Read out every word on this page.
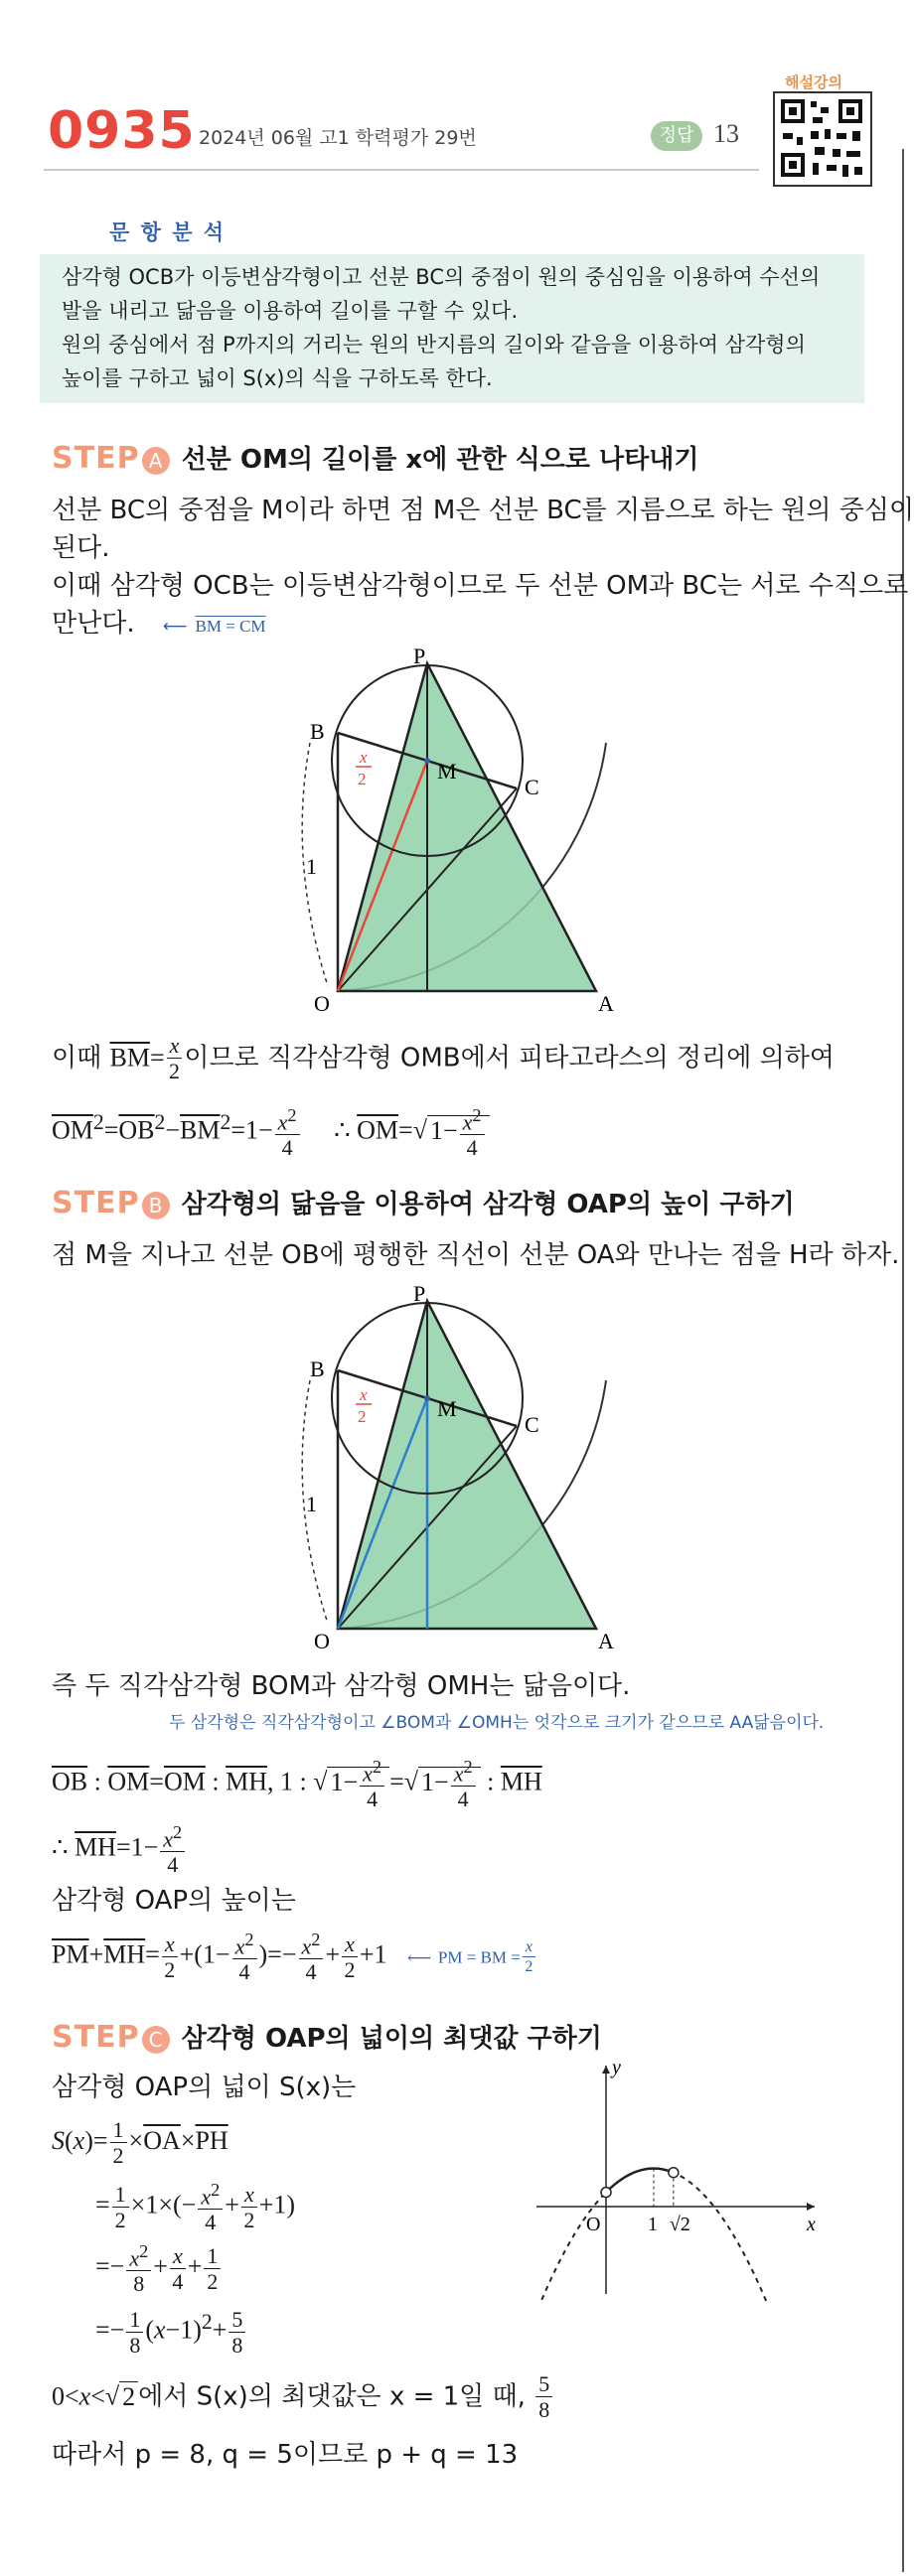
0935 2024년 06월 고1 학력평가 29번	정답 13
해설강의
문 항 분 석
삼각형 OCB가 이등변삼각형이고 선분 BC의 중점이 원의 중심임을 이용하여 수선의
발을 내리고 닮음을 이용하여 길이를 구할 수 있다.
원의 중심에서 점 P까지의 거리는 원의 반지름의 길이와 같음을 이용하여 삼각형의
높이를 구하고 넓이 S(x)의 식을 구하도록 한다.
STEP A 선분 OM의 길이를 x에 관한 식으로 나타내기
선분 BC의 중점을 M이라 하면 점 M은 선분 BC를 지름으로 하는 원의 중심이
된다.
이때 삼각형 OCB는 이등변삼각형이므로 두 선분 OM과 BC는 서로 수직으로
만난다. ⟵ BM = CM
P
B
M
C
O	A
1
x
2
이때 $\overline{BM}= \frac{x}{2}$ 이므로 직각삼각형 OMB에서 피타고라스의 정리에 의하여
$\overline{OM}^2=\overline{OB}^2-\overline{BM}^2=1- \frac{x^2}{4}$ ∴ $\overline{OM}=√$ $1- \frac{x^2}{4}$
STEP B 삼각형의 닮음을 이용하여 삼각형 OAP의 높이 구하기
점 M을 지나고 선분 OB에 평행한 직선이 선분 OA와 만나는 점을 H라 하자.
P
B
M
C
O	A
1
x
2
즉 두 직각삼각형 BOM과 삼각형 OMH는 닮음이다.
두 삼각형은 직각삼각형이고 ∠BOM과 ∠OMH는 엇각으로 크기가 같으므로 AA닮음이다.
$\overline{OB}$ : $\overline{OM}=\overline{OM}$ : $\overline{MH}$, 1 : √ $1- \frac{x^2}{4}$ =√ $1- \frac{x^2}{4}$ : $\overline{MH}$
∴ $\overline{MH}=1- \frac{x^2}{4}$
삼각형 OAP의 높이는
$\overline{PM}+\overline{MH}= \frac{x}{2} +(1- \frac{x^2}{4}$ )=− $\frac{x^2}{4} + \frac{x}{2} +1$ ⟵ PM = BM = $\frac{x}{2}$
STEP C 삼각형 OAP의 넓이의 최댓값 구하기
삼각형 OAP의 넓이 S(x)는
$S(x)= \frac{1}{2} \times\overline{OA}\times\overline{PH}$
= $\frac{1}{2} \times 1\times(- \frac{x^2}{4} + \frac{x}{2} +1)$
=− $\frac{x^2}{8} + \frac{x}{4} + \frac{1}{2}$
=− $\frac{1}{8} (x-1)^2+ \frac{5}{8}$
0<x<√ 2 에서 S(x)의 최댓값은 x = 1일 때, $\frac{5}{8}$
따라서 p = 8, q = 5이므로 p + q = 13
y
x
O 1 √2
